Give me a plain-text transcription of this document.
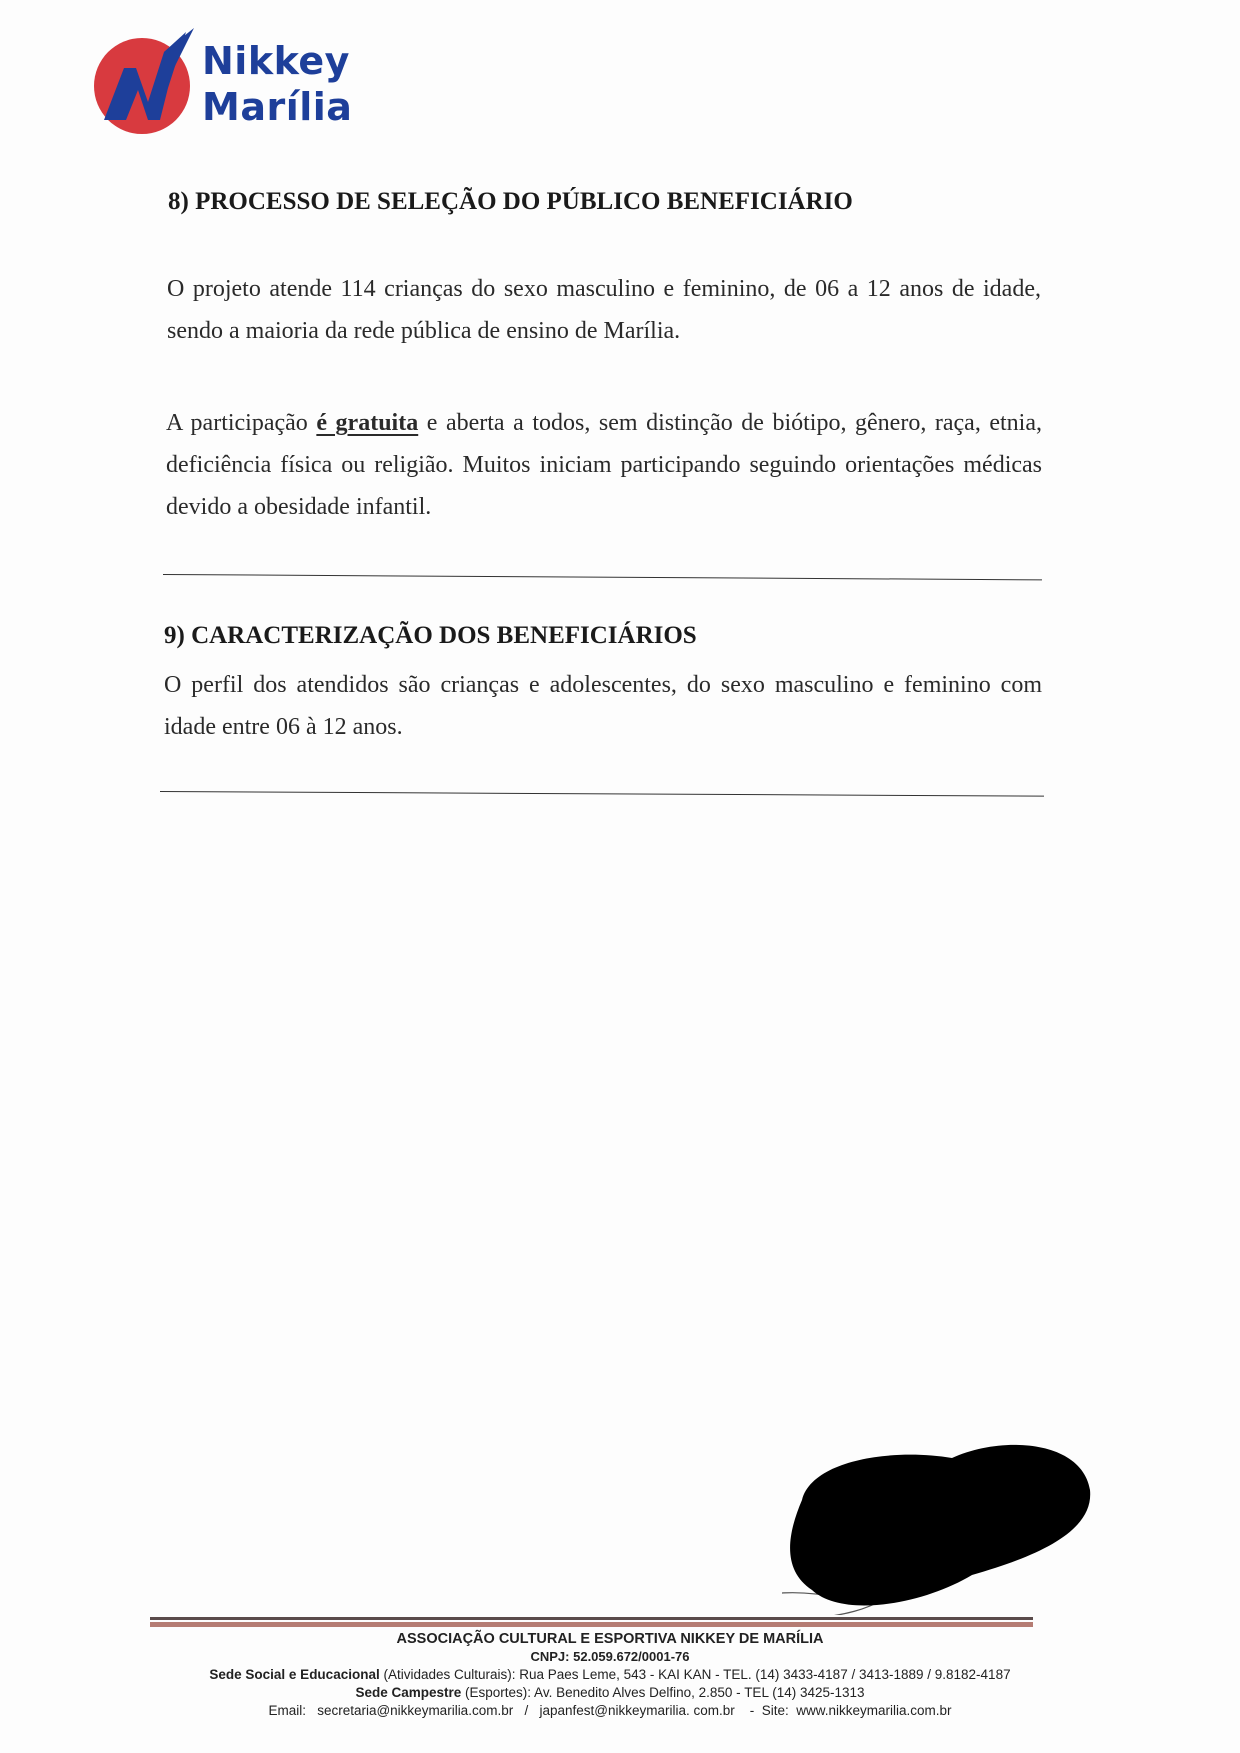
Nikkey
Marília
8) PROCESSO DE SELEÇÃO DO PÚBLICO BENEFICIÁRIO

O projeto atende 114 crianças do sexo masculino e feminino, de 06 a 12 anos de idade, sendo a maioria da rede pública de ensino de Marília.

A participação é gratuita e aberta a todos, sem distinção de biótipo, gênero, raça, etnia, deficiência física ou religião. Muitos iniciam participando seguindo orientações médicas devido a obesidade infantil.

9) CARACTERIZAÇÃO DOS BENEFICIÁRIOS

O perfil dos atendidos são crianças e adolescentes, do sexo masculino e feminino com idade entre 06 à 12 anos.

ASSOCIAÇÃO CULTURAL E ESPORTIVA NIKKEY DE MARÍLIA
CNPJ: 52.059.672/0001-76
Sede Social e Educacional (Atividades Culturais): Rua Paes Leme, 543 - KAI KAN - TEL. (14) 3433-4187 / 3413-1889 / 9.8182-4187
Sede Campestre (Esportes): Av. Benedito Alves Delfino, 2.850 - TEL (14) 3425-1313
Email:   secretaria@nikkeymarilia.com.br   /   japanfest@nikkeymarilia. com.br    -  Site:  www.nikkeymarilia.com.br
